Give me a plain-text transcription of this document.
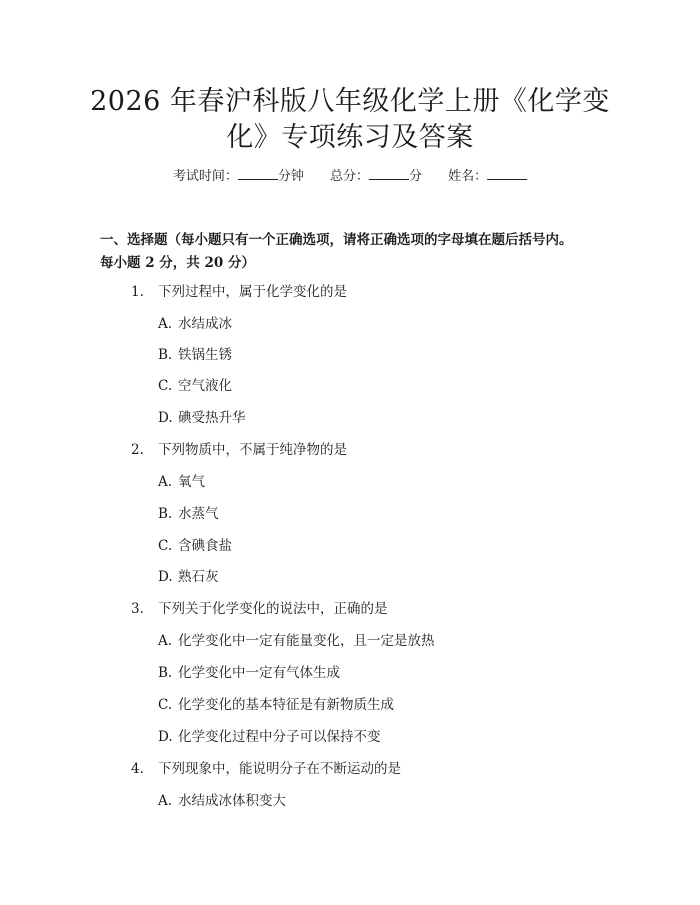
2026 年春沪科版八年级化学上册《化学变
化》专项练习及答案
考试时间：	分钟 总分：	分 姓名：
一、选择题（每小题只有一个正确选项，请将正确选项的字母填在题后括号内。
每小题 2 分，共 20 分）
1. 下列过程中，属于化学变化的是
A. 水结成冰
B. 铁锅生锈
C. 空气液化
D. 碘受热升华
2. 下列物质中，不属于纯净物的是
A. 氧气
B. 水蒸气
C. 含碘食盐
D. 熟石灰
3. 下列关于化学变化的说法中，正确的是
A. 化学变化中一定有能量变化，且一定是放热
B. 化学变化中一定有气体生成
C. 化学变化的基本特征是有新物质生成
D. 化学变化过程中分子可以保持不变
4. 下列现象中，能说明分子在不断运动的是
A. 水结成冰体积变大
